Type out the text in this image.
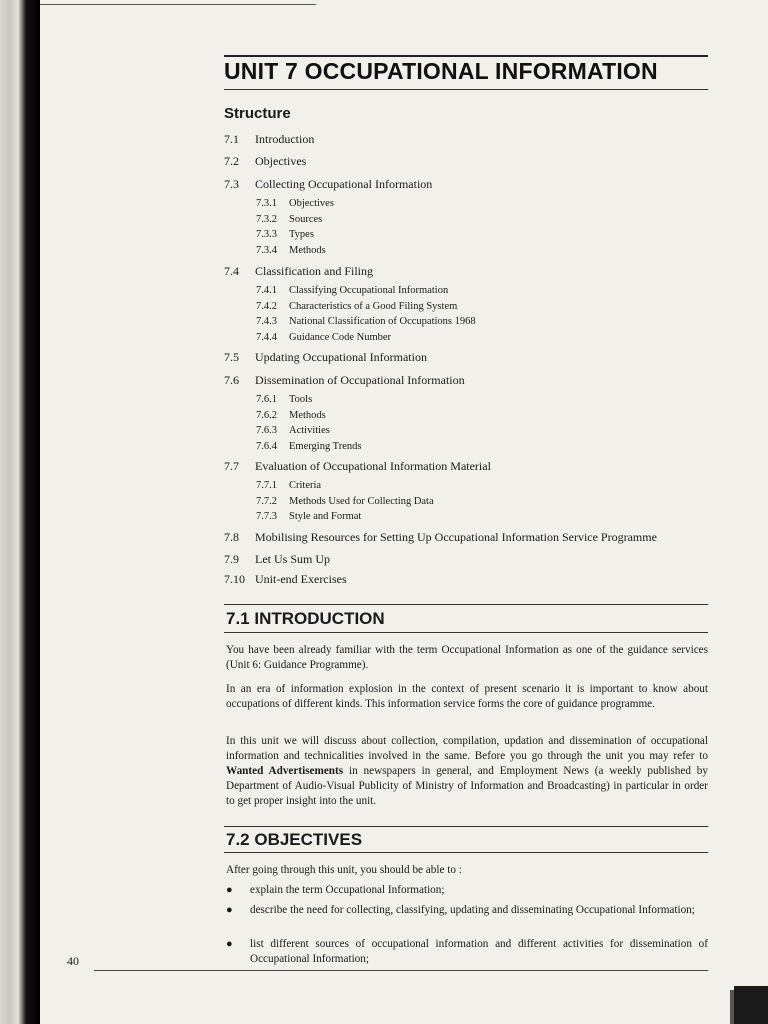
UNIT 7 OCCUPATIONAL INFORMATION
Structure
7.1 Introduction
7.2 Objectives
7.3 Collecting Occupational Information
7.3.1 Objectives
7.3.2 Sources
7.3.3 Types
7.3.4 Methods
7.4 Classification and Filing
7.4.1 Classifying Occupational Information
7.4.2 Characteristics of a Good Filing System
7.4.3 National Classification of Occupations 1968
7.4.4 Guidance Code Number
7.5 Updating Occupational Information
7.6 Dissemination of Occupational Information
7.6.1 Tools
7.6.2 Methods
7.6.3 Activities
7.6.4 Emerging Trends
7.7 Evaluation of Occupational Information Material
7.7.1 Criteria
7.7.2 Methods Used for Collecting Data
7.7.3 Style and Format
7.8 Mobilising Resources for Setting Up Occupational Information Service Programme
7.9 Let Us Sum Up
7.10 Unit-end Exercises
7.1 INTRODUCTION
You have been already familiar with the term Occupational Information as one of the guidance services (Unit 6: Guidance Programme).
In an era of information explosion in the context of present scenario it is important to know about occupations of different kinds. This information service forms the core of guidance programme.
In this unit we will discuss about collection, compilation, updation and dissemination of occupational information and technicalities involved in the same. Before you go through the unit you may refer to Wanted Advertisements in newspapers in general, and Employment News (a weekly published by Department of Audio-Visual Publicity of Ministry of Information and Broadcasting) in particular in order to get proper insight into the unit.
7.2 OBJECTIVES
After going through this unit, you should be able to :
● explain the term Occupational Information;
● describe the need for collecting, classifying, updating and disseminating Occupational Information;
● list different sources of occupational information and different activities for dissemination of Occupational Information;
40
